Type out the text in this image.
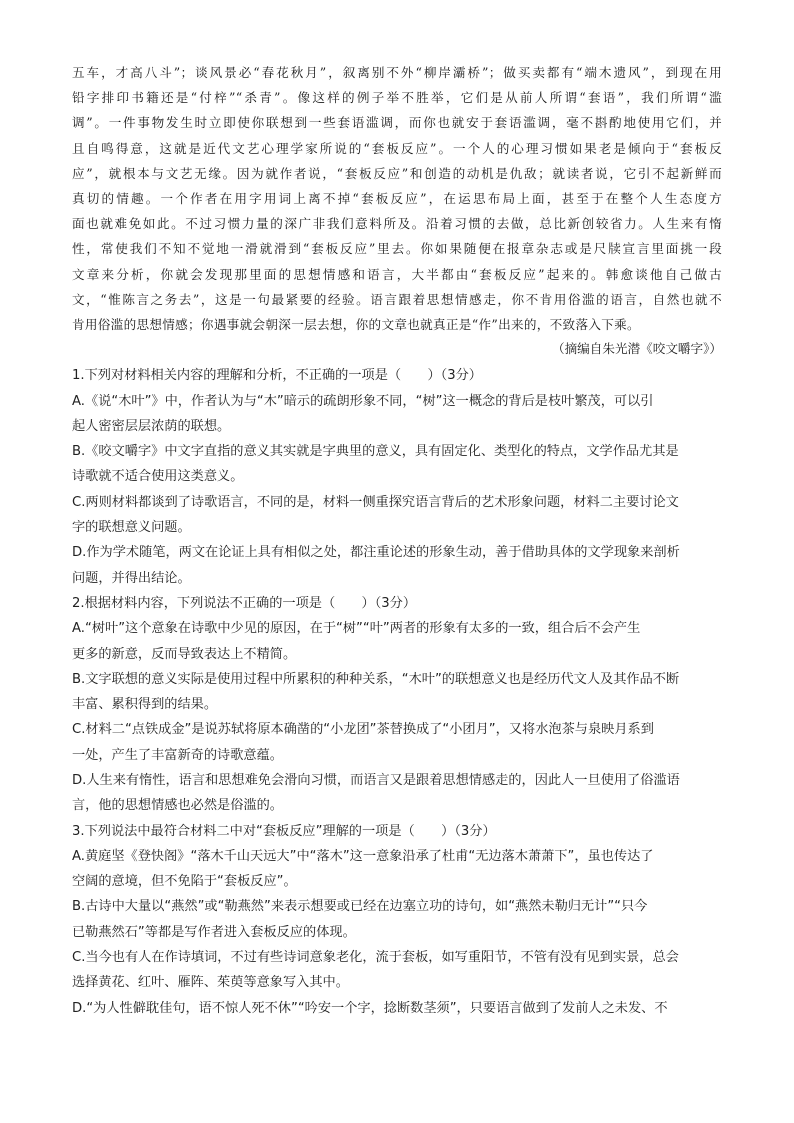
五车，才高八斗”；谈风景必“春花秋月”，叙离别不外“柳岸灞桥”；做买卖都有“端木遗风”，到现在用
铅字排印书籍还是“付梓”“杀青”。像这样的例子举不胜举，它们是从前人所谓“套语”，我们所谓“滥
调”。一件事物发生时立即使你联想到一些套语滥调，而你也就安于套语滥调，毫不斟酌地使用它们，并
且自鸣得意，这就是近代文艺心理学家所说的“套板反应”。一个人的心理习惯如果老是倾向于“套板反
应”，就根本与文艺无缘。因为就作者说，“套板反应”和创造的动机是仇敌；就读者说，它引不起新鲜而
真切的情趣。一个作者在用字用词上离不掉“套板反应”，在运思布局上面，甚至于在整个人生态度方
面也就难免如此。不过习惯力量的深广非我们意料所及。沿着习惯的去做，总比新创较省力。人生来有惰
性，常使我们不知不觉地一滑就滑到“套板反应”里去。你如果随便在报章杂志或是尺牍宣言里面挑一段
文章来分析，你就会发现那里面的思想情感和语言，大半都由“套板反应”起来的。韩愈谈他自己做古
文，“惟陈言之务去”，这是一句最紧要的经验。语言跟着思想情感走，你不肯用俗滥的语言，自然也就不
肯用俗滥的思想情感；你遇事就会朝深一层去想，你的文章也就真正是“作”出来的，不致落入下乘。

（摘编自朱光潜《咬文嚼字》）

1.下列对材料相关内容的理解和分析，不正确的一项是（　　）（3分）
A.《说“木叶”》中，作者认为与“木”暗示的疏朗形象不同，“树”这一概念的背后是枝叶繁茂，可以引
起人密密层层浓荫的联想。
B.《咬文嚼字》中文字直指的意义其实就是字典里的意义，具有固定化、类型化的特点，文学作品尤其是
诗歌就不适合使用这类意义。
C.两则材料都谈到了诗歌语言，不同的是，材料一侧重探究语言背后的艺术形象问题，材料二主要讨论文
字的联想意义问题。
D.作为学术随笔，两文在论证上具有相似之处，都注重论述的形象生动，善于借助具体的文学现象来剖析
问题，并得出结论。
2.根据材料内容，下列说法不正确的一项是（　　）（3分）
A.“树叶”这个意象在诗歌中少见的原因，在于“树”“叶”两者的形象有太多的一致，组合后不会产生
更多的新意，反而导致表达上不精简。
B.文字联想的意义实际是使用过程中所累积的种种关系，“木叶”的联想意义也是经历代文人及其作品不断
丰富、累积得到的结果。
C.材料二“点铁成金”是说苏轼将原本确凿的“小龙团”茶替换成了“小团月”，又将水泡茶与泉映月系到
一处，产生了丰富新奇的诗歌意蕴。
D.人生来有惰性，语言和思想难免会滑向习惯，而语言又是跟着思想情感走的，因此人一旦使用了俗滥语
言，他的思想情感也必然是俗滥的。
3.下列说法中最符合材料二中对“套板反应”理解的一项是（　　）（3分）
A.黄庭坚《登快阁》“落木千山天远大”中“落木”这一意象沿承了杜甫“无边落木萧萧下”，虽也传达了
空阔的意境，但不免陷于“套板反应”。
B.古诗中大量以“燕然”或“勒燕然”来表示想要或已经在边塞立功的诗句，如“燕然未勒归无计”“只今
已勒燕然石”等都是写作者进入套板反应的体现。
C.当今也有人在作诗填词，不过有些诗词意象老化，流于套板，如写重阳节，不管有没有见到实景，总会
选择黄花、红叶、雁阵、茱萸等意象写入其中。
D.“为人性僻耽佳句，语不惊人死不休”“吟安一个字，捻断数茎须”，只要语言做到了发前人之未发、不
